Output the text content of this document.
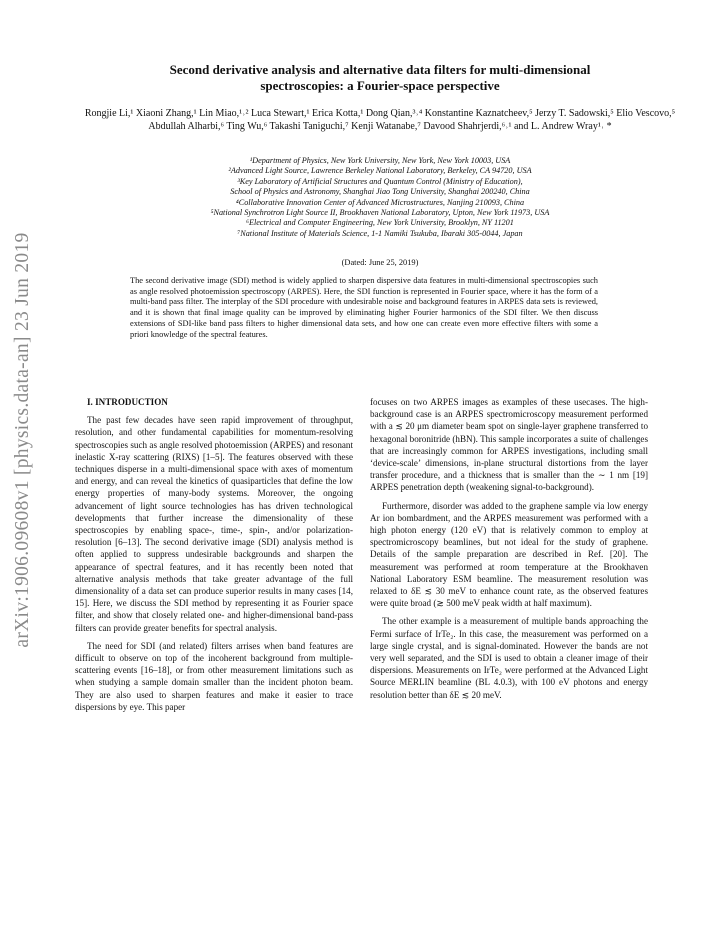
arXiv:1906.09608v1 [physics.data-an] 23 Jun 2019
Second derivative analysis and alternative data filters for multi-dimensional
spectroscopies: a Fourier-space perspective
Rongjie Li,¹ Xiaoni Zhang,¹ Lin Miao,¹˒² Luca Stewart,¹ Erica Kotta,¹ Dong Qian,³˒⁴ Konstantine Kaznatcheev,⁵ Jerzy T. Sadowski,⁵ Elio Vescovo,⁵ Abdullah Alharbi,⁶ Ting Wu,⁶ Takashi Taniguchi,⁷ Kenji Watanabe,⁷ Davood Shahrjerdi,⁶˒¹ and L. Andrew Wray¹˒ *
¹Department of Physics, New York University, New York, New York 10003, USA
²Advanced Light Source, Lawrence Berkeley National Laboratory, Berkeley, CA 94720, USA
³Key Laboratory of Artificial Structures and Quantum Control (Ministry of Education),
School of Physics and Astronomy, Shanghai Jiao Tong University, Shanghai 200240, China
⁴Collaborative Innovation Center of Advanced Microstructures, Nanjing 210093, China
⁵National Synchrotron Light Source II, Brookhaven National Laboratory, Upton, New York 11973, USA
⁶Electrical and Computer Engineering, New York University, Brooklyn, NY 11201
⁷National Institute of Materials Science, 1-1 Namiki Tsukuba, Ibaraki 305-0044, Japan
(Dated: June 25, 2019)
The second derivative image (SDI) method is widely applied to sharpen dispersive data features in multi-dimensional spectroscopies such as angle resolved photoemission spectroscopy (ARPES). Here, the SDI function is represented in Fourier space, where it has the form of a multi-band pass filter. The interplay of the SDI procedure with undesirable noise and background features in ARPES data sets is reviewed, and it is shown that final image quality can be improved by eliminating higher Fourier harmonics of the SDI filter. We then discuss extensions of SDI-like band pass filters to higher dimensional data sets, and how one can create even more effective filters with some a priori knowledge of the spectral features.

I. INTRODUCTION

The past few decades have seen rapid improvement of throughput, resolution, and other fundamental capabilities for momentum-resolving spectroscopies such as angle resolved photoemission (ARPES) and resonant inelastic X-ray scattering (RIXS) [1–5]. The features observed with these techniques disperse in a multi-dimensional space with axes of momentum and energy, and can reveal the kinetics of quasiparticles that define the low energy properties of many-body systems. Moreover, the ongoing advancement of light source technologies has has driven technological developments that further increase the dimensionality of these spectroscopies by enabling space-, time-, spin-, and/or polarization- resolution [6–13]. The second derivative image (SDI) analysis method is often applied to suppress undesirable backgrounds and sharpen the appearance of spectral features, and it has recently been noted that alternative analysis methods that take greater advantage of the full dimensionality of a data set can produce superior results in many cases [14, 15]. Here, we discuss the SDI method by representing it as Fourier space filter, and show that closely related one- and higher-dimensional band-pass filters can provide greater benefits for spectral analysis.

The need for SDI (and related) filters arrises when band features are difficult to observe on top of the incoherent background from multiple-scattering events [16–18], or from other measurement limitations such as when studying a sample domain smaller than the incident photon beam. They are also used to sharpen features and make it easier to trace dispersions by eye. This paper

focuses on two ARPES images as examples of these usecases. The high-background case is an ARPES spectromicroscopy measurement performed with a ≲ 20 μm diameter beam spot on single-layer graphene transferred to hexagonal boronitride (hBN). This sample incorporates a suite of challenges that are increasingly common for ARPES investigations, including small ‘device-scale’ dimensions, in-plane structural distortions from the layer transfer procedure, and a thickness that is smaller than the ∼ 1 nm [19] ARPES penetration depth (weakening signal-to-background).

Furthermore, disorder was added to the graphene sample via low energy Ar ion bombardment, and the ARPES measurement was performed with a high photon energy (120 eV) that is relatively common to employ at spectromicroscopy beamlines, but not ideal for the study of graphene. Details of the sample preparation are described in Ref. [20]. The measurement was performed at room temperature at the Brookhaven National Laboratory ESM beamline. The measurement resolution was relaxed to δE ≲ 30 meV to enhance count rate, as the observed features were quite broad (≳ 500 meV peak width at half maximum).

The other example is a measurement of multiple bands approaching the Fermi surface of IrTe₂. In this case, the measurement was performed on a large single crystal, and is signal-dominated. However the bands are not very well separated, and the SDI is used to obtain a cleaner image of their dispersions. Measurements on IrTe₂ were performed at the Advanced Light Source MERLIN beamline (BL 4.0.3), with 100 eV photons and energy resolution better than δE ≲ 20 meV.
